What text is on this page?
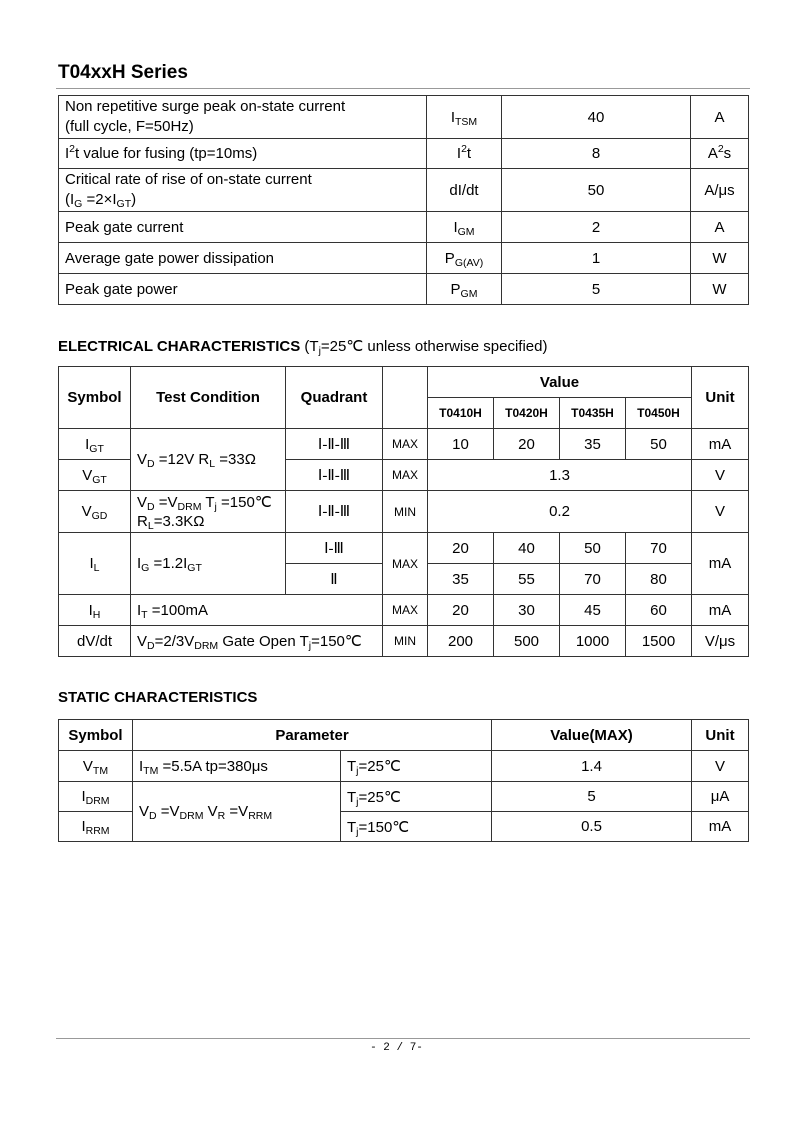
T04xxH Series
Non repetitive surge peak on-state current
(full cycle, F=50Hz)	$I_{TSM}$	40	A
$I^2t$ value for fusing (tp=10ms)	$I^2t$	8	$A^2s$
Critical rate of rise of on-state current
$(I_G =2\times I_{GT})$	dI/dt	50	A/μs
Peak gate current	$I_{GM}$	2	A
Average gate power dissipation	$P_{G(AV)}$	1	W
Peak gate power	$P_{GM}$	5	W
ELECTRICAL CHARACTERISTICS ($T_j=25℃$ unless otherwise specified)
Symbol	Test Condition	Quadrant		Value				Unit
				T0410H	T0420H	T0435H	T0450H	
$I_{GT}$	$V_D =12V$ $R_L =33\Omega$	Ⅰ-Ⅱ-Ⅲ	MAX	10	20	35	50	mA
$V_{GT}$		Ⅰ-Ⅱ-Ⅲ	MAX	1.3				V
$V_{GD}$	$V_D =V_{DRM}$ $T_j$ =150℃
$R_L=3.3K\Omega$	Ⅰ-Ⅱ-Ⅲ	MIN	0.2				V
$I_L$	$I_G =1.2I_{GT}$	Ⅰ-Ⅲ	MAX	20	40	50	70	mA
		Ⅱ		35	55	70	80	
$I_H$	$I_T =100mA$		MAX	20	30	45	60	mA
dV/dt	$V_D=2/3V_{DRM}$ Gate Open $T_j=150℃$		MIN	200	500	1000	1500	V/μs
STATIC CHARACTERISTICS
Symbol	Parameter		Value(MAX)	Unit
$V_{TM}$	$I_{TM} =5.5A$ tp=380μs	$T_j=25℃$	1.4	V
$I_{DRM}$	$V_D =V_{DRM}$ $V_R =V_{RRM}$	$T_j=25℃$	5	μA
$I_{RRM}$		$T_j=150℃$	0.5	mA
- 2 / 7-
